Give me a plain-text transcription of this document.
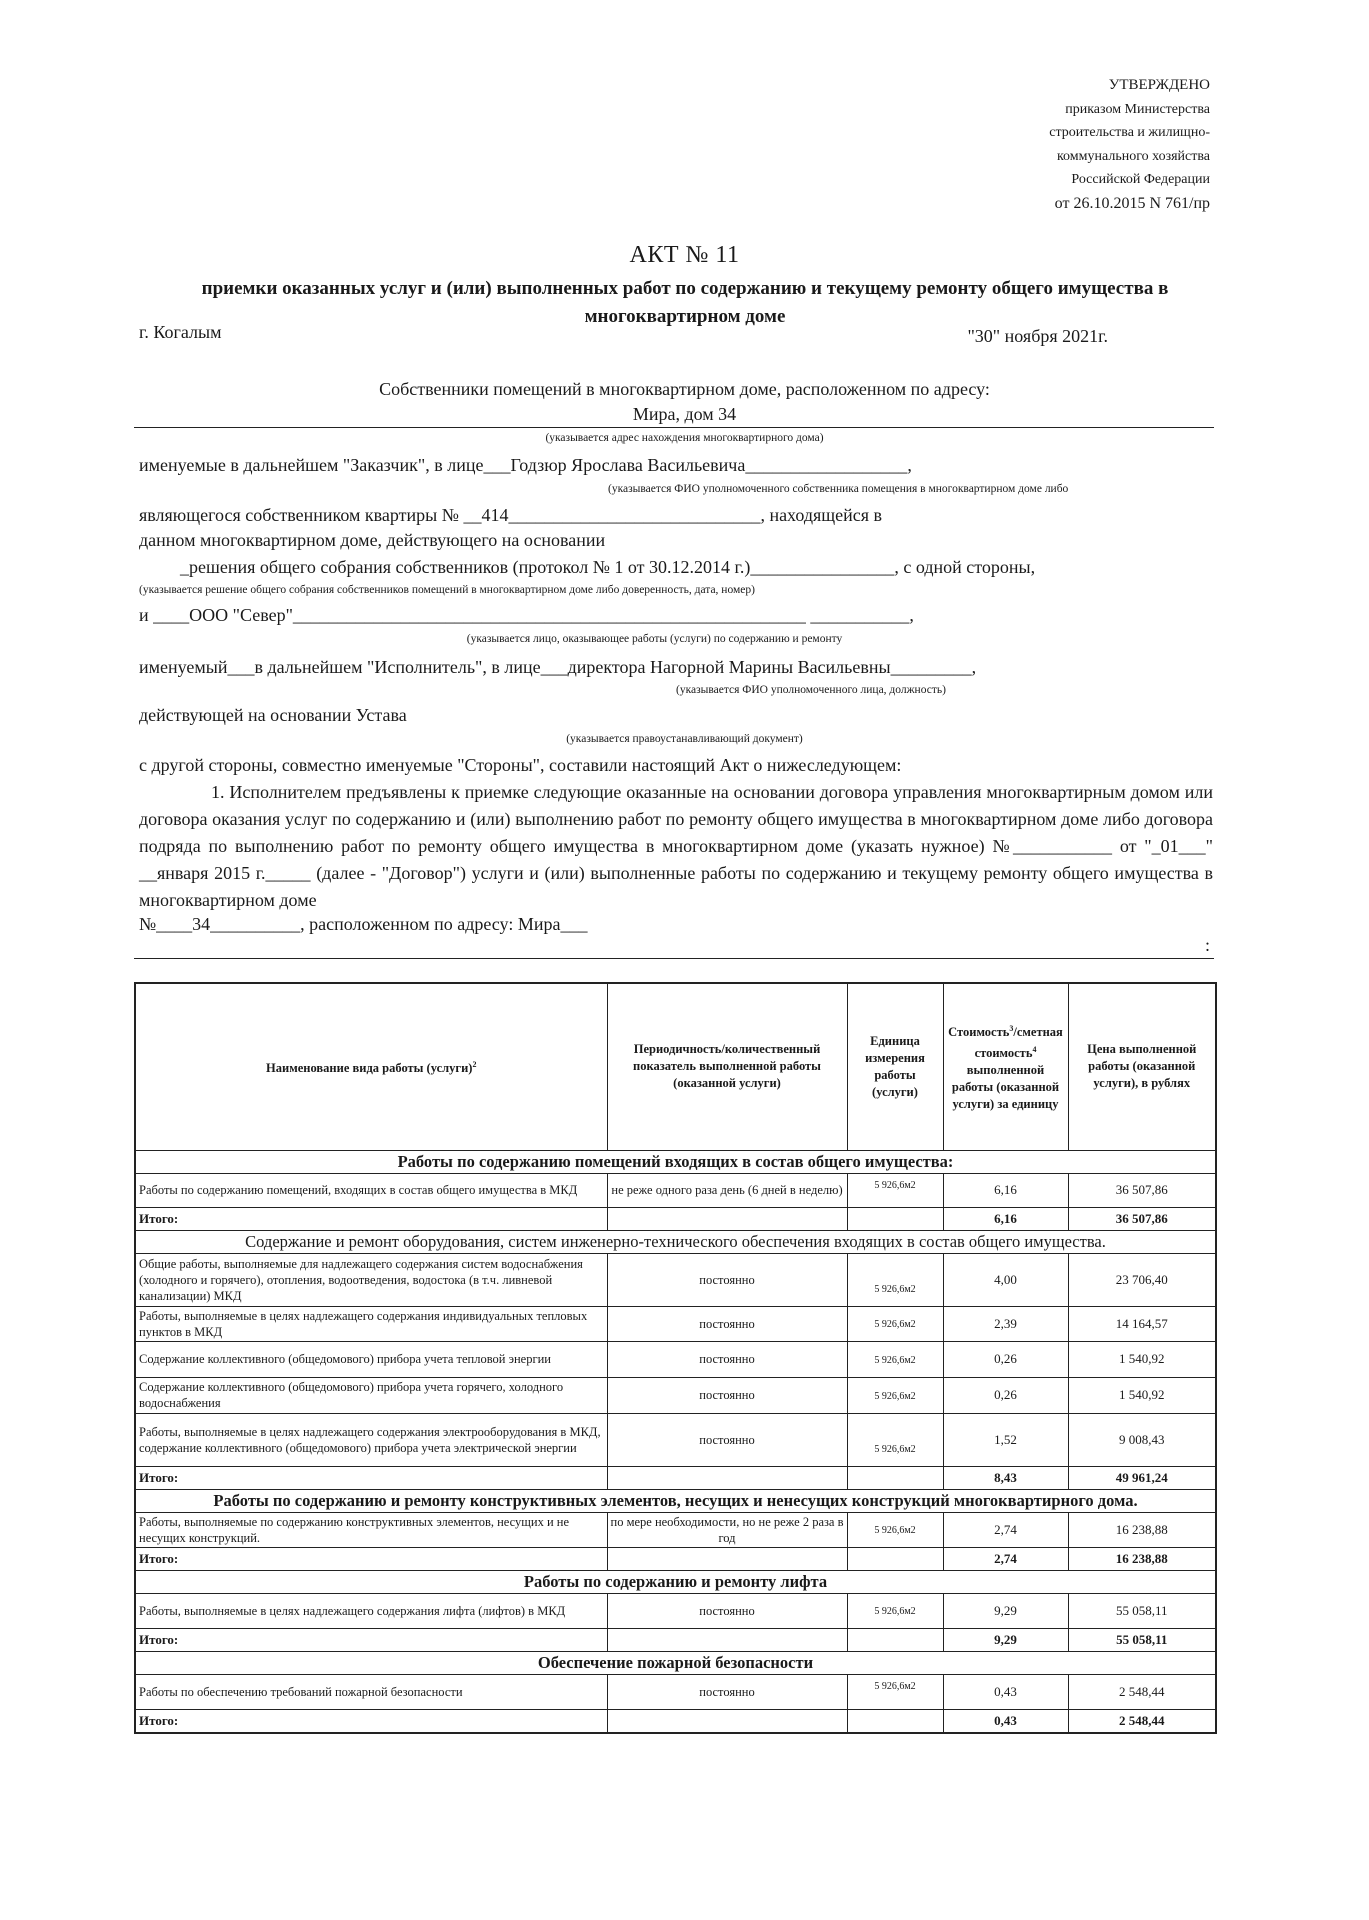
УТВЕРЖДЕНО
приказом Министерства
строительства и жилищно-
коммунального хозяйства
Российской Федерации
от 26.10.2015 N 761/пр
АКТ № 11
приемки оказанных услуг и (или) выполненных работ по содержанию и текущему ремонту общего имущества в многоквартирном доме
г. Когалым	"30" ноября 2021г.
Собственники помещений в многоквартирном доме, расположенном по адресу:
Мира, дом 34
(указывается адрес нахождения многоквартирного дома)
именуемые в дальнейшем "Заказчик", в лице___Годзюр Ярослава Васильевича__________________,
(указывается ФИО уполномоченного собственника помещения в многоквартирном доме либо
являющегося собственником квартиры № __414____________________________, находящейся в
данном многоквартирном доме, действующего на основании
_решения общего собрания собственников (протокол № 1 от 30.12.2014 г.)________________, с одной стороны,
(указывается решение общего собрания собственников помещений в многоквартирном доме либо доверенность, дата, номер)
и ____ООО "Север"_________________________________________________________ ___________,
(указывается лицо, оказывающее работы (услуги) по содержанию и ремонту
именуемый___в дальнейшем "Исполнитель", в лице___директора Нагорной Марины Васильевны_________,
(указывается ФИО уполномоченного лица, должность)
действующей на основании Устава
(указывается правоустанавливающий документ)
с другой стороны, совместно именуемые "Стороны", составили настоящий Акт о нижеследующем:
1. Исполнителем предъявлены к приемке следующие оказанные на основании договора управления многоквартирным домом или договора оказания услуг по содержанию и (или) выполнению работ по ремонту общего имущества в многоквартирном доме либо договора подряда по выполнению работ по ремонту общего имущества в многоквартирном доме (указать нужное) №___________ от "_01___" __января 2015 г._____ (далее - "Договор") услуги и (или) выполненные работы по содержанию и текущему ремонту общего имущества в многоквартирном доме
№____34__________, расположенном по адресу: Мира___
:
Наименование вида работы (услуги)$^2$	Периодичность/количественный показатель выполненной работы (оказанной услуги)	Единица измерения работы (услуги)	Стоимость$^3$/сметная стоимость$^4$ выполненной работы (оказанной услуги) за единицу	Цена выполненной работы (оказанной услуги), в рублях
Работы по содержанию помещений входящих в состав общего имущества:				
Работы по содержанию помещений, входящих в состав общего имущества в МКД	не реже одного раза день (6 дней в неделю)	5 926,6м2	6,16	36 507,86
Итого:			6,16	36 507,86
Содержание и ремонт оборудования, систем инженерно-технического обеспечения входящих в состав общего имущества.				
Общие работы, выполняемые для надлежащего содержания систем водоснабжения (холодного и горячего), отопления, водоотведения, водостока (в т.ч. ливневой канализации) МКД	постоянно	5 926,6м2	4,00	23 706,40
Работы, выполняемые в целях надлежащего содержания индивидуальных тепловых пунктов в МКД	постоянно	5 926,6м2	2,39	14 164,57
Содержание коллективного (общедомового) прибора учета тепловой энергии	постоянно	5 926,6м2	0,26	1 540,92
Содержание коллективного (общедомового) прибора учета горячего, холодного водоснабжения	постоянно	5 926,6м2	0,26	1 540,92
Работы, выполняемые в целях надлежащего содержания электрооборудования в МКД, содержание коллективного (общедомового) прибора учета электрической энергии	постоянно	5 926,6м2	1,52	9 008,43
Итого:			8,43	49 961,24
Работы по содержанию и ремонту конструктивных элементов, несущих и ненесущих конструкций многоквартирного дома.				
Работы, выполняемые по содержанию конструктивных элементов, несущих и не несущих конструкций.	по мере необходимости, но не реже 2 раза в год	5 926,6м2	2,74	16 238,88
Итого:			2,74	16 238,88
Работы по содержанию и ремонту лифта				
Работы, выполняемые в целях надлежащего содержания лифта (лифтов) в МКД	постоянно	5 926,6м2	9,29	55 058,11
Итого:			9,29	55 058,11
Обеспечение пожарной безопасности				
Работы по обеспечению требований пожарной безопасности	постоянно	5 926,6м2	0,43	2 548,44
Итого:			0,43	2 548,44
